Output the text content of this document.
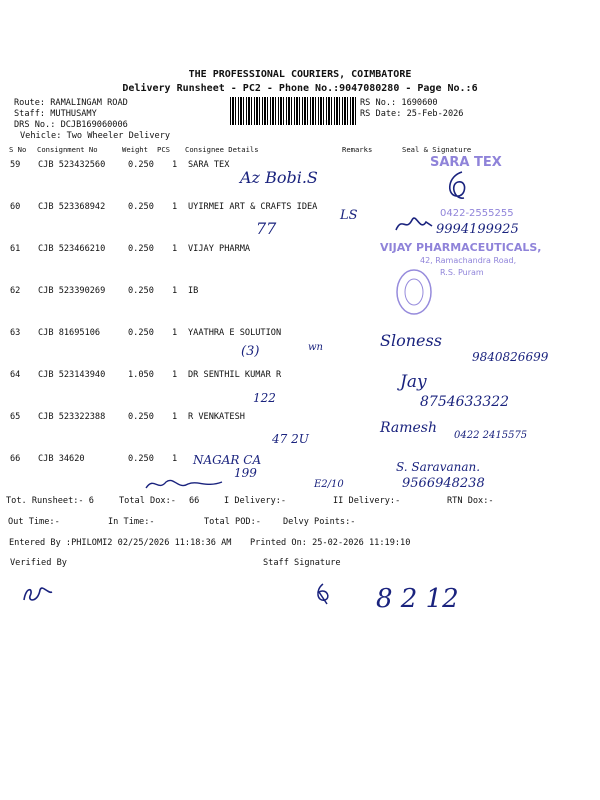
THE PROFESSIONAL COURIERS, COIMBATORE
Delivery Runsheet - PC2 - Phone No.:9047080280 - Page No.:6
Route: RAMALINGAM ROAD
Staff: MUTHUSAMY
DRS No.: DCJB169060006
Vehicle: Two Wheeler Delivery
RS No.: 1690600
RS Date: 25-Feb-2026
S No Consignment No	Weight PCS Consignee Details	Remarks	Seal & Signature
59 CJB 523432560	0.250 1 SARA TEX
60 CJB 523368942	0.250 1 UYIRMEI ART & CRAFTS IDEA
61 CJB 523466210	0.250 1 VIJAY PHARMA
62 CJB 523390269	0.250 1 IB
63 CJB 81695106	0.250 1 YAATHRA E SOLUTION
64 CJB 523143940	1.050 1 DR SENTHIL KUMAR R
65 CJB 523322388	0.250 1 R VENKATESH
66 CJB 34620	0.250 1
Tot. Runsheet:- 6	Total Dox:- 66	I Delivery:-	II Delivery:-	RTN Dox:-
Out Time:-	In Time:-	Total POD:-	Delvy Points:-
Entered By :PHILOMI2 02/25/2026 11:18:36 AM Printed On: 25-02-2026 11:19:10
Verified By	Staff Signature
SARA TEX
0422-2555255
VIJAY PHARMACEUTICALS,
42, Ramachandra Road,
R.S. Puram
Az Bobi.S
77
LS
9994199925
(3)	wn	Sloness
9840826699
122
Jay
8754633322
47 2U
Ramesh 0422 2415575
NAGAR CA
199	S. Saravanan.
9566948238
E2/10
8 2 12
